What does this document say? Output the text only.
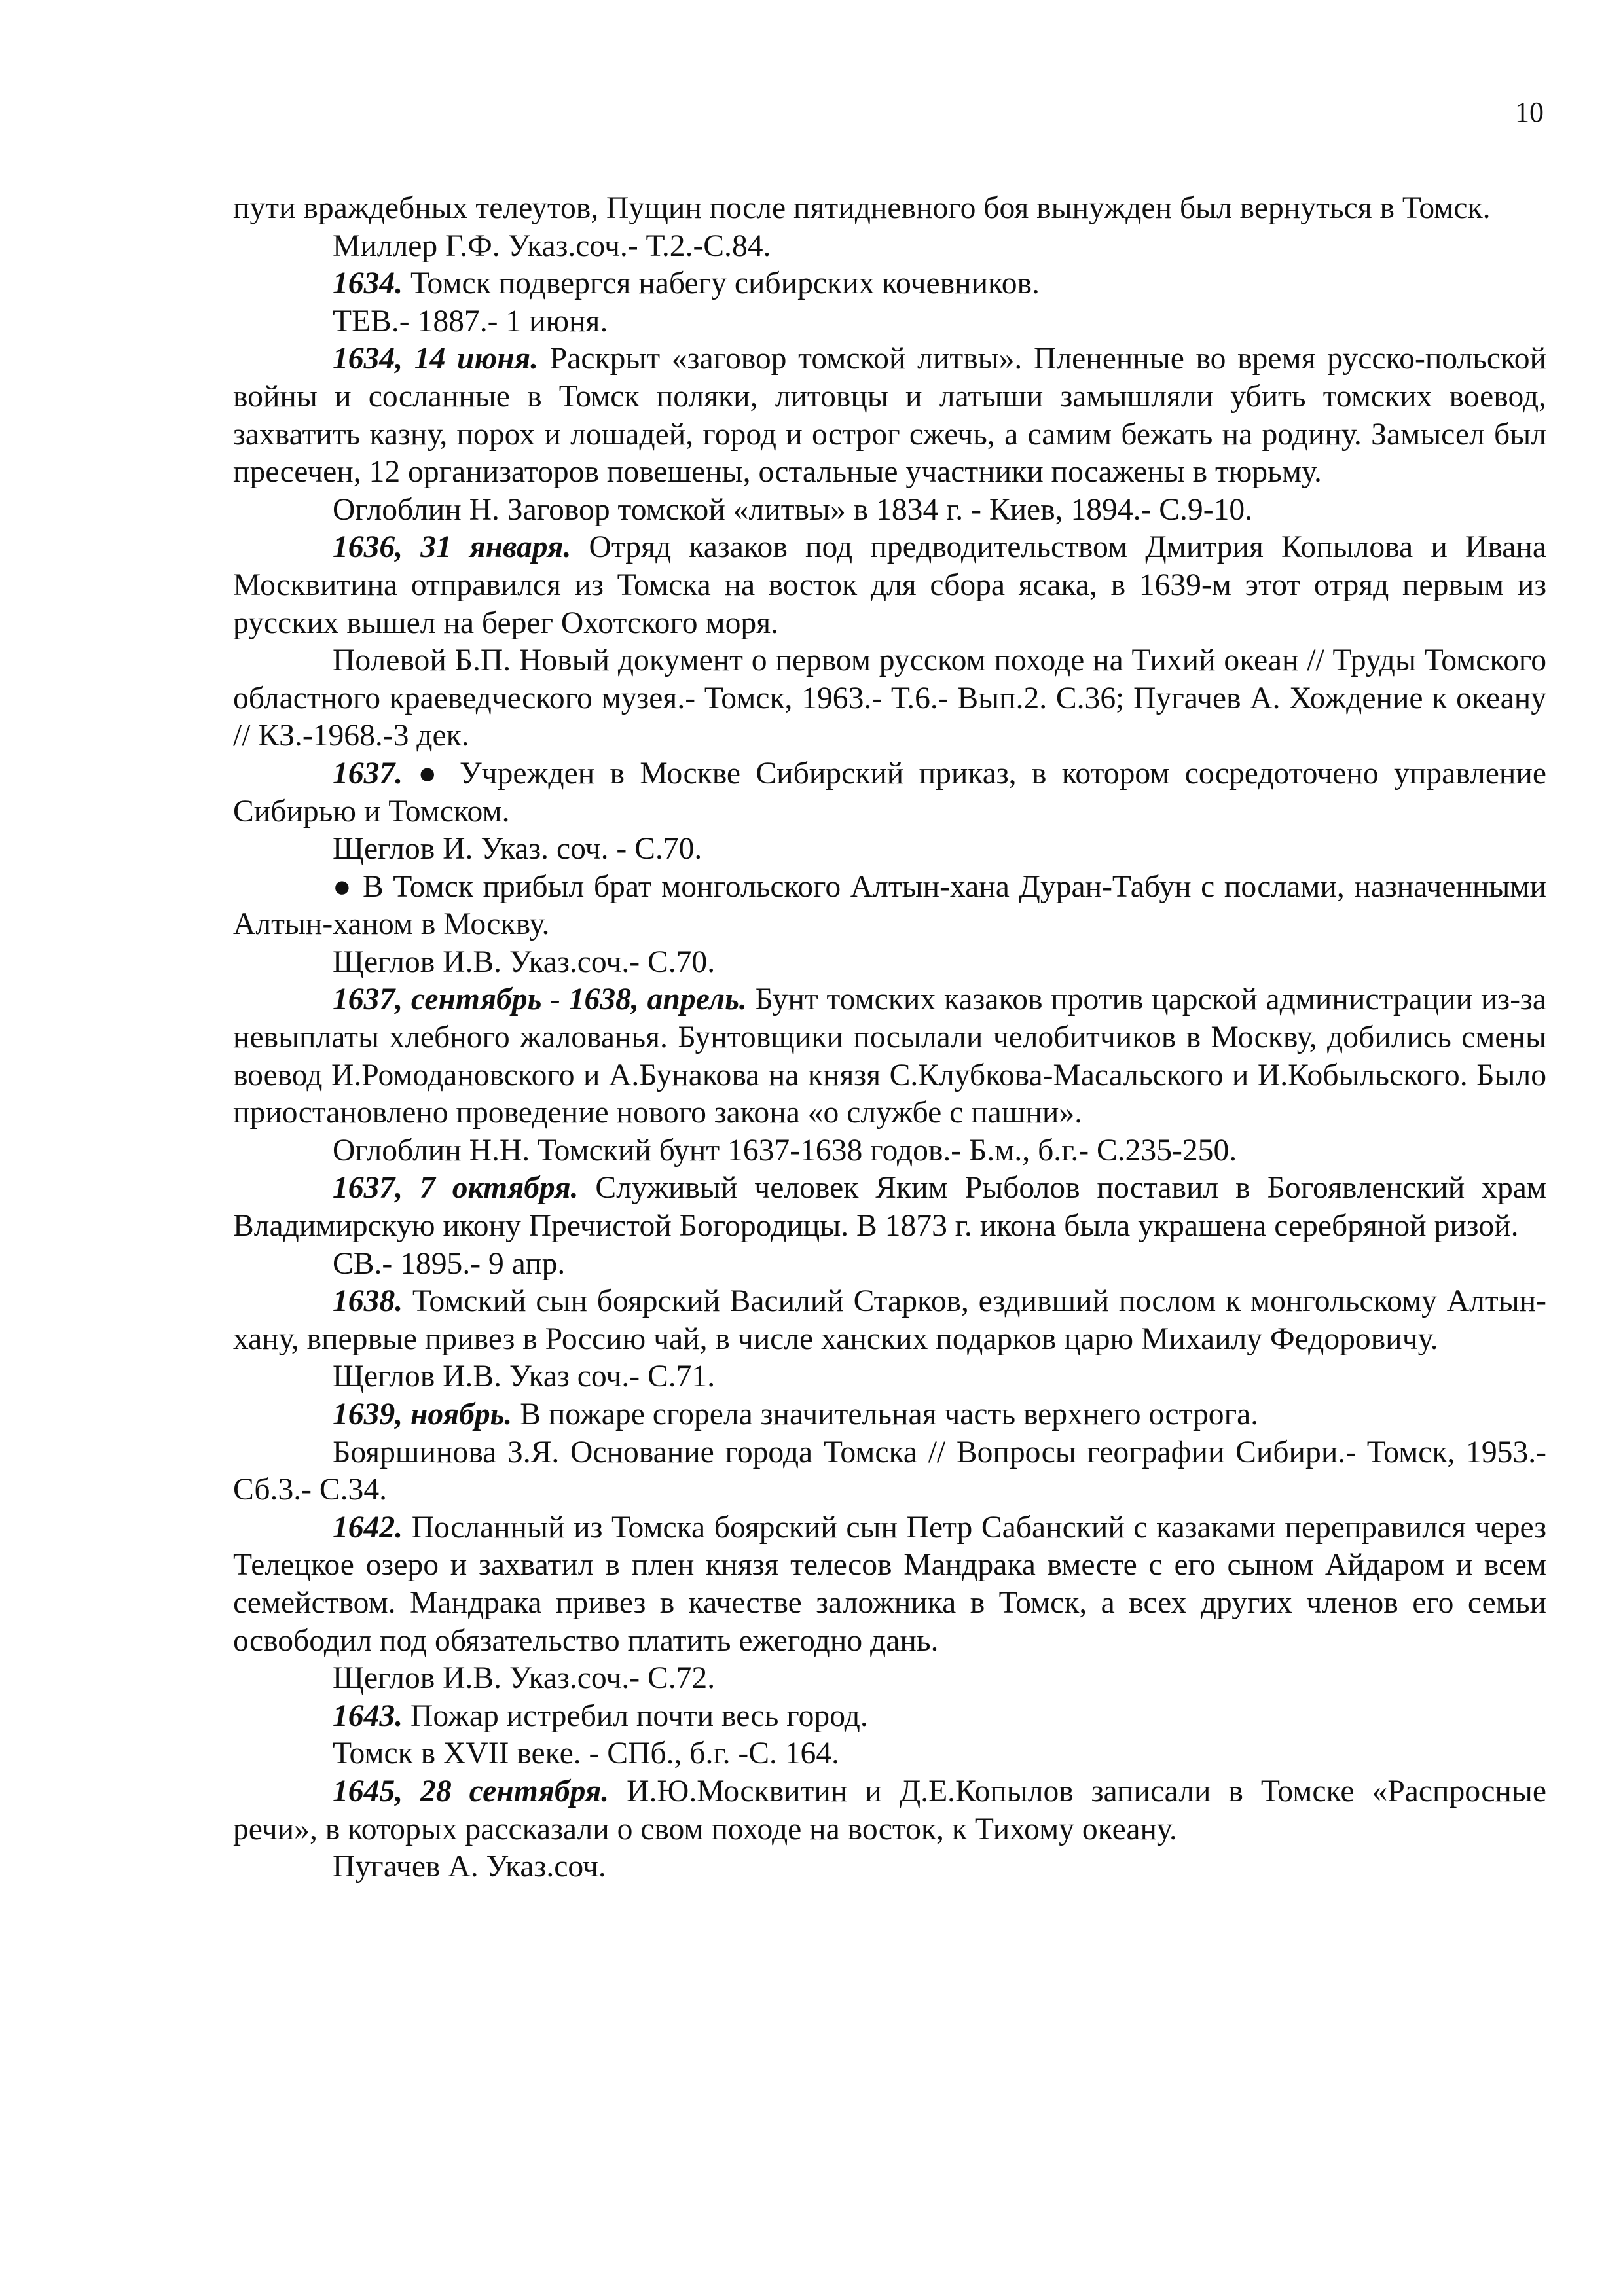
10

пути враждебных телеутов, Пущин после пятидневного боя вынужден был вернуться в Томск.

Миллер Г.Ф. Указ.соч.- Т.2.-С.84.

1634. Томск подвергся набегу сибирских кочевников.

ТЕВ.- 1887.- 1 июня.

1634, 14 июня. Раскрыт «заговор томской литвы». Плененные во время русско-польской войны и сосланные в Томск поляки, литовцы и латыши замышляли убить томских воевод, захватить казну, порох и лошадей, город и острог сжечь, а самим бежать на родину. Замысел был пресечен, 12 организаторов повешены, остальные участники посажены в тюрьму.

Оглоблин Н. Заговор томской «литвы» в 1834 г. - Киев, 1894.- С.9-10.

1636, 31 января. Отряд казаков под предводительством Дмитрия Копылова и Ивана Москвитина отправился из Томска на восток для сбора ясака, в 1639-м этот отряд первым из русских вышел на берег Охотского моря.

Полевой Б.П. Новый документ о первом русском походе на Тихий океан // Труды Томского областного краеведческого музея.- Томск, 1963.- Т.6.- Вып.2. С.36; Пугачев А. Хождение к океану // КЗ.-1968.-3 дек.

1637. ● Учрежден в Москве Сибирский приказ, в котором сосредоточено управление Сибирью и Томском.

Щеглов И. Указ. соч. - С.70.

● В Томск прибыл брат монгольского Алтын-хана Дуран-Табун с послами, назначенными Алтын-ханом в Москву.

Щеглов И.В. Указ.соч.- С.70.

1637, сентябрь - 1638, апрель. Бунт томских казаков против царской администрации из-за невыплаты хлебного жалованья. Бунтовщики посылали челобитчиков в Москву, добились смены воевод И.Ромодановского и А.Бунакова на князя С.Клубкова-Масальского и И.Кобыльского. Было приостановлено проведение нового закона «о службе с пашни».

Оглоблин Н.Н. Томский бунт 1637-1638 годов.- Б.м., б.г.- С.235-250.

1637, 7 октября. Служивый человек Яким Рыболов поставил в Богоявленский храм Владимирскую икону Пречистой Богородицы. В 1873 г. икона была украшена серебряной ризой.

СВ.- 1895.- 9 апр.

1638. Томский сын боярский Василий Старков, ездивший послом к монгольскому Алтын-хану, впервые привез в Россию чай, в числе ханских подарков царю Михаилу Федоровичу.

Щеглов И.В. Указ соч.- С.71.

1639, ноябрь. В пожаре сгорела значительная часть верхнего острога.

Бояршинова З.Я. Основание города Томска // Вопросы географии Сибири.- Томск, 1953.- Сб.3.- С.34.

1642. Посланный из Томска боярский сын Петр Сабанский с казаками переправился через Телецкое озеро и захватил в плен князя телесов Мандрака вместе с его сыном Айдаром и всем семейством. Мандрака привез в качестве заложника в Томск, а всех других членов его семьи освободил под обязательство платить ежегодно дань.

Щеглов И.В. Указ.соч.- С.72.

1643. Пожар истребил почти весь город.

Томск в XVII веке. - СПб., б.г. -С. 164.

1645, 28 сентября. И.Ю.Москвитин и Д.Е.Копылов записали в Томске «Распросные речи», в которых рассказали о свом походе на восток, к Тихому океану.

Пугачев А. Указ.соч.
